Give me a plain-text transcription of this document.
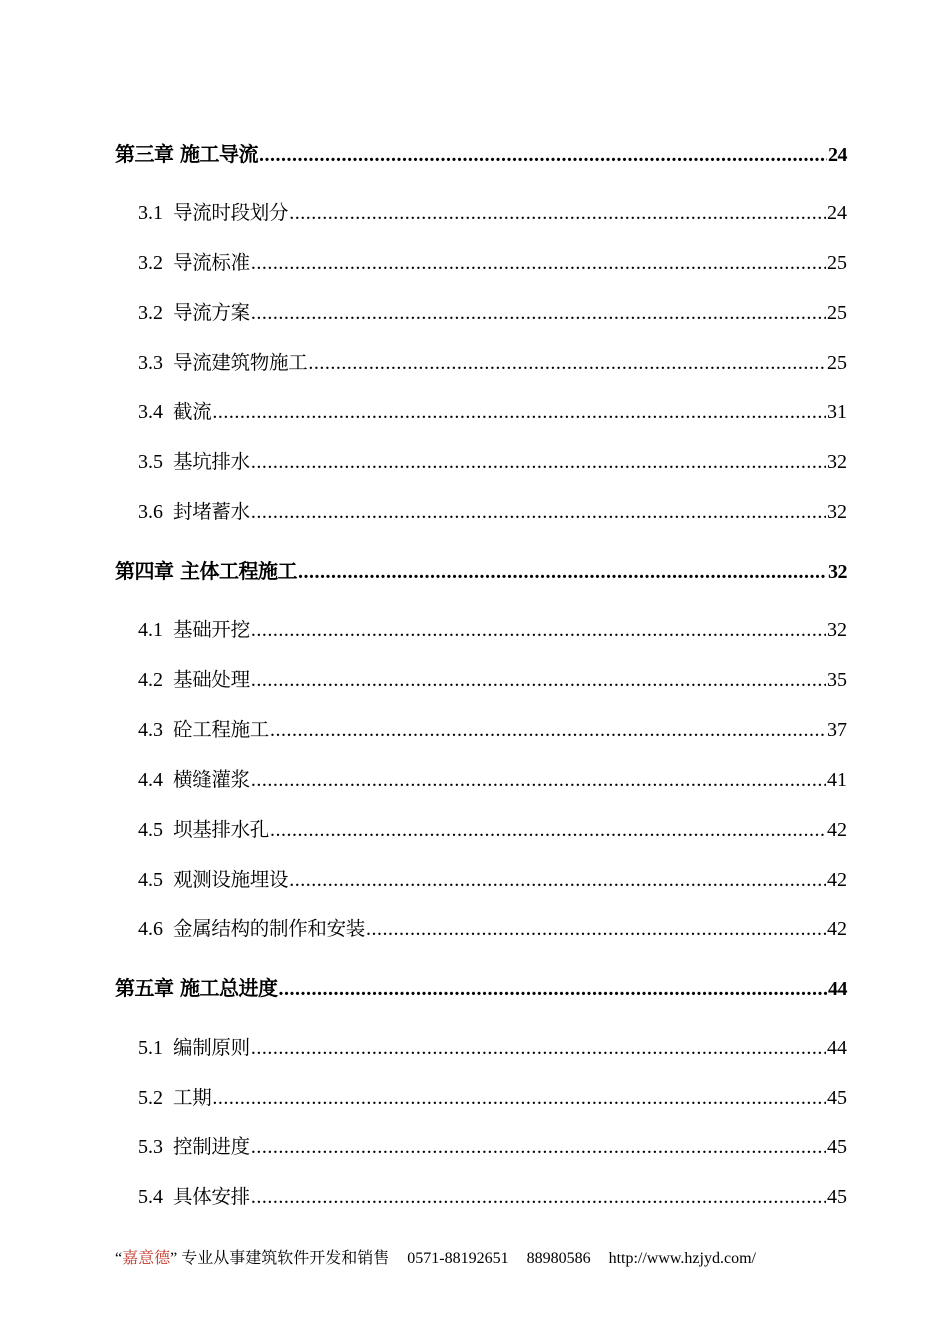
第三章 施工导流 .....	24
3.1 导流时段划分 .....	24
3.2 导流标准 .....	25
3.2 导流方案 .....	25
3.3 导流建筑物施工 .....	25
3.4 截流 .....	31
3.5 基坑排水 .....	32
3.6 封堵蓄水 .....	32
第四章 主体工程施工 .....	32
4.1 基础开挖 .....	32
4.2 基础处理 .....	35
4.3 砼工程施工 .....	37
4.4 横缝灌浆 .....	41
4.5 坝基排水孔 .....	42
4.5 观测设施埋设 .....	42
4.6 金属结构的制作和安装 .....	42
第五章 施工总进度 .....	44
5.1 编制原则 .....	44
5.2 工期 .....	45
5.3 控制进度 .....	45
5.4 具体安排 .....	45
“嘉意德” 专业从事建筑软件开发和销售 0571-88192651 88980586 http://www.hzjyd.com/
